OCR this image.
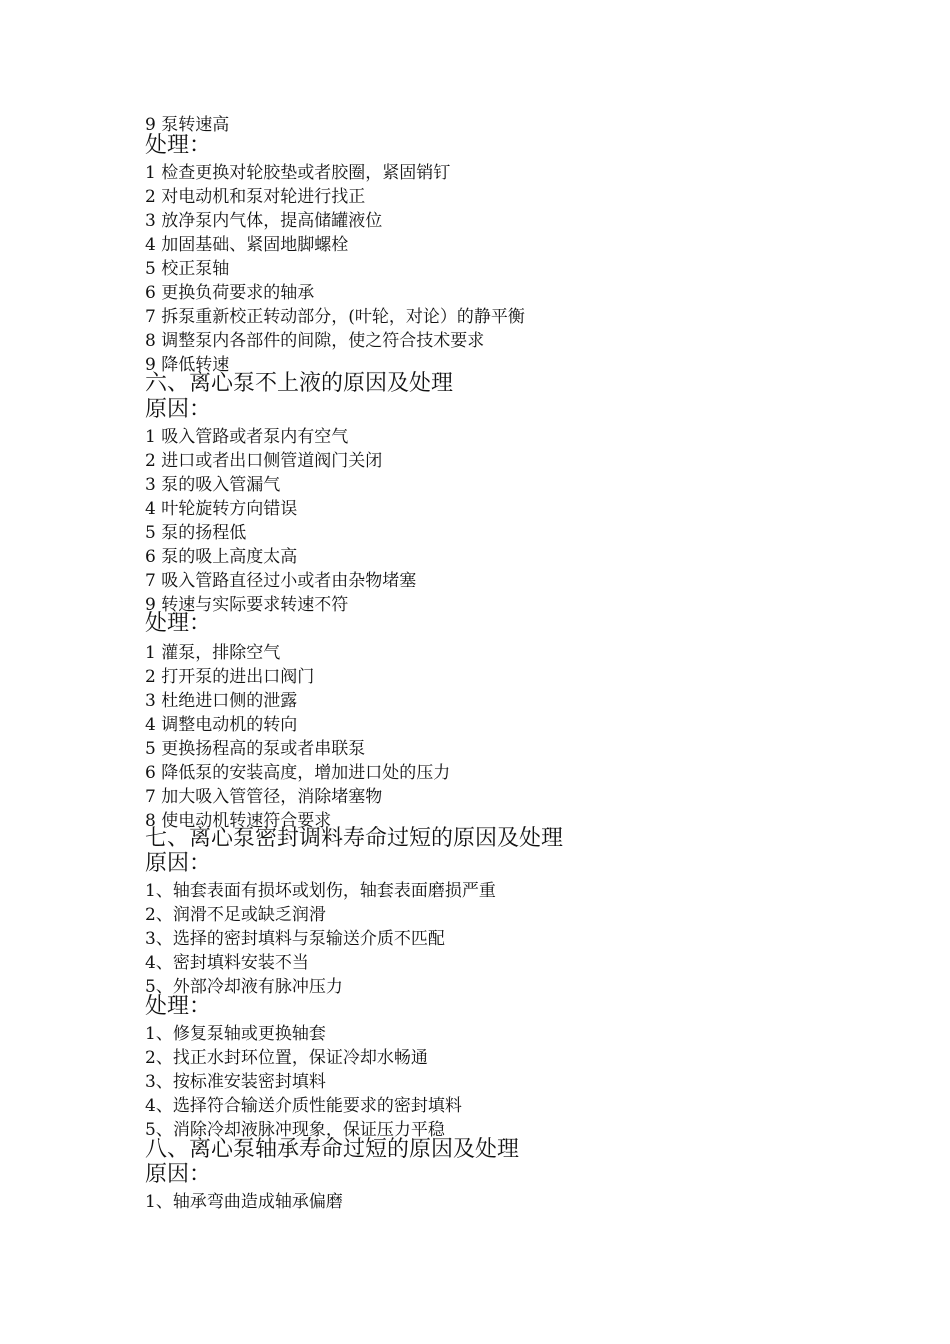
9 泵转速高
处理：
1 检查更换对轮胶垫或者胶圈，紧固销钉
2 对电动机和泵对轮进行找正
3 放净泵内气体，提高储罐液位
4 加固基础、紧固地脚螺栓
5 校正泵轴
6 更换负荷要求的轴承
7 拆泵重新校正转动部分，(叶轮，对论）的静平衡
8 调整泵内各部件的间隙，使之符合技术要求
9 降低转速
六、离心泵不上液的原因及处理
原因：
1 吸入管路或者泵内有空气
2 进口或者出口侧管道阀门关闭
3 泵的吸入管漏气
4 叶轮旋转方向错误
5 泵的扬程低
6 泵的吸上高度太高
7 吸入管路直径过小或者由杂物堵塞
9 转速与实际要求转速不符
处理：
1 灌泵，排除空气
2 打开泵的进出口阀门
3 杜绝进口侧的泄露
4 调整电动机的转向
5 更换扬程高的泵或者串联泵
6 降低泵的安装高度，增加进口处的压力
7 加大吸入管管径，消除堵塞物
8 使电动机转速符合要求
七、离心泵密封调料寿命过短的原因及处理
原因：
1、轴套表面有损坏或划伤，轴套表面磨损严重
2、润滑不足或缺乏润滑
3、选择的密封填料与泵输送介质不匹配
4、密封填料安装不当
5、外部冷却液有脉冲压力
处理：
1、修复泵轴或更换轴套
2、找正水封环位置，保证冷却水畅通
3、按标准安装密封填料
4、选择符合输送介质性能要求的密封填料
5、消除冷却液脉冲现象，保证压力平稳
八、离心泵轴承寿命过短的原因及处理
原因：
1、轴承弯曲造成轴承偏磨
